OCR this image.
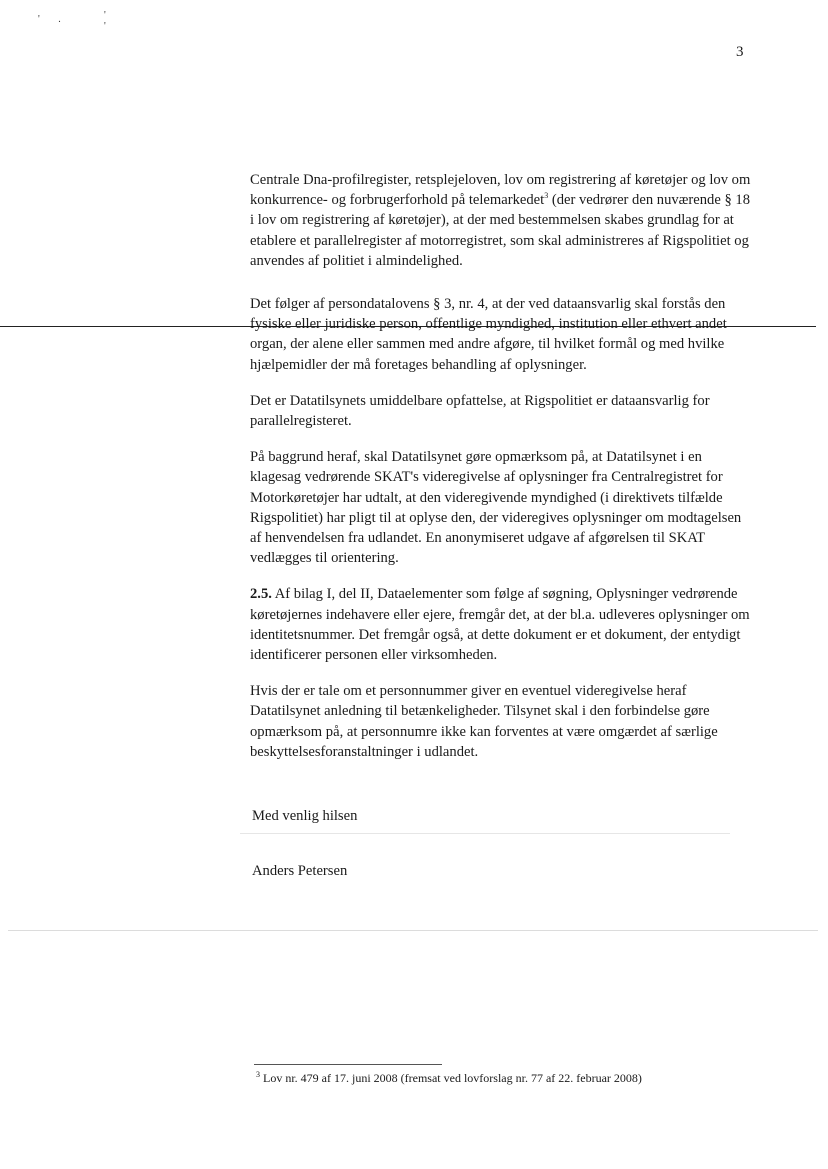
' .	' '
3

Centrale Dna-profilregister, retsplejeloven, lov om registrering af køretøjer og lov om konkurrence- og forbrugerforhold på telemarkedet$^3$ (der vedrører den nuværende § 18 i lov om registrering af køretøjer), at der med bestemmelsen skabes grundlag for at etablere et parallelregister af motorregistret, som skal administreres af Rigspolitiet og anvendes af politiet i almindelighed.

Det følger af persondatalovens § 3, nr. 4, at der ved dataansvarlig skal forstås den fysiske eller juridiske person, offentlige myndighed, institution eller ethvert andet organ, der alene eller sammen med andre afgøre, til hvilket formål og med hvilke hjælpemidler der må foretages behandling af oplysninger.

Det er Datatilsynets umiddelbare opfattelse, at Rigspolitiet er dataansvarlig for parallelregisteret.

På baggrund heraf, skal Datatilsynet gøre opmærksom på, at Datatilsynet i en klagesag vedrørende SKAT's videregivelse af oplysninger fra Centralregistret for Motorkøretøjer har udtalt, at den videregivende myndighed (i direktivets tilfælde Rigspolitiet) har pligt til at oplyse den, der videregives oplysninger om modtagelsen af henvendelsen fra udlandet. En anonymiseret udgave af afgørelsen til SKAT vedlægges til orientering.

2.5. Af bilag I, del II, Dataelementer som følge af søgning, Oplysninger vedrørende køretøjernes indehavere eller ejere, fremgår det, at der bl.a. udleveres oplysninger om identitetsnummer. Det fremgår også, at dette dokument er et dokument, der entydigt identificerer personen eller virksomheden.

Hvis der er tale om et personnummer giver en eventuel videregivelse heraf Datatilsynet anledning til betænkeligheder. Tilsynet skal i den forbindelse gøre opmærksom på, at personnumre ikke kan forventes at være omgærdet af særlige beskyttelsesforanstaltninger i udlandet.

Med venlig hilsen
Anders Petersen
$^3$ Lov nr. 479 af 17. juni 2008 (fremsat ved lovforslag nr. 77 af 22. februar 2008)
